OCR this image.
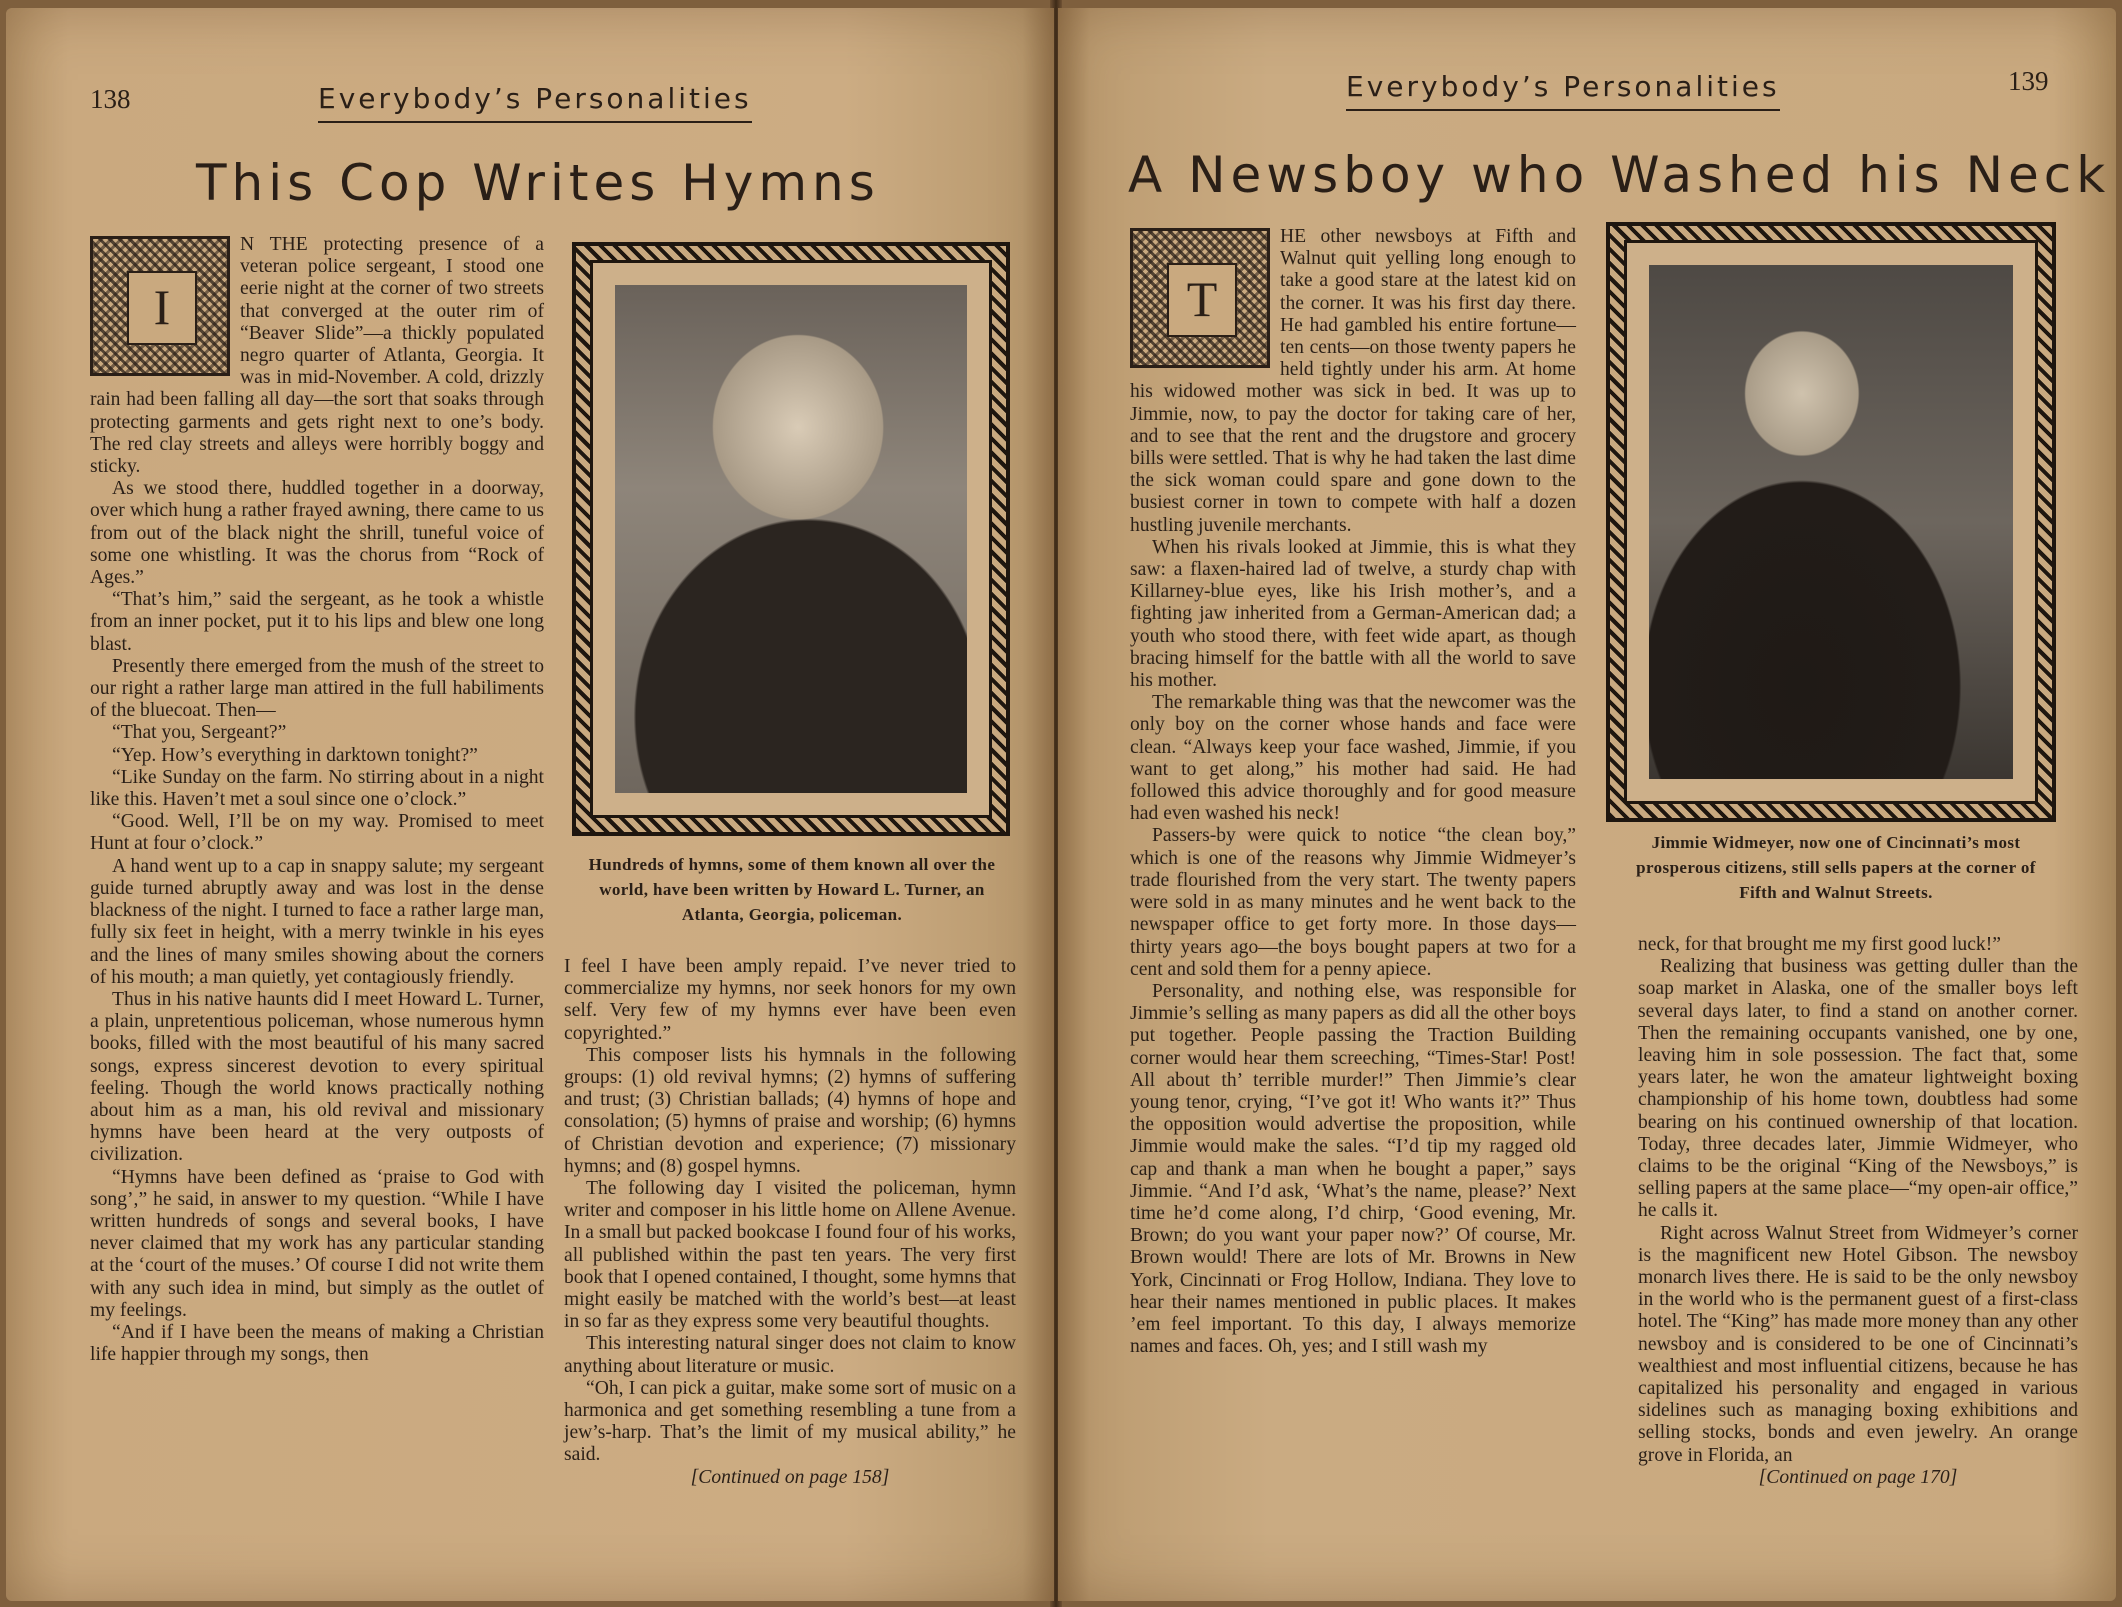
138	Everybody’s Personalities
This Cop Writes Hymns
I

N THE protecting presence of a veteran police sergeant, I stood one eerie night at the corner of two streets that converged at the outer rim of “Beaver Slide”—a thickly populated negro quarter of Atlanta, Georgia. It was in mid-November. A cold, drizzly rain had been falling all day—the sort that soaks through protecting garments and gets right next to one’s body. The red clay streets and alleys were horribly boggy and sticky.

As we stood there, huddled together in a doorway, over which hung a rather frayed awning, there came to us from out of the black night the shrill, tuneful voice of some one whistling. It was the chorus from “Rock of Ages.”

“That’s him,” said the sergeant, as he took a whistle from an inner pocket, put it to his lips and blew one long blast.

Presently there emerged from the mush of the street to our right a rather large man attired in the full habiliments of the bluecoat. Then—

“That you, Sergeant?”

“Yep. How’s everything in darktown tonight?”

“Like Sunday on the farm. No stirring about in a night like this. Haven’t met a soul since one o’clock.”

“Good. Well, I’ll be on my way. Promised to meet Hunt at four o’clock.”

A hand went up to a cap in snappy salute; my sergeant guide turned abruptly away and was lost in the dense blackness of the night. I turned to face a rather large man, fully six feet in height, with a merry twinkle in his eyes and the lines of many smiles showing about the corners of his mouth; a man quietly, yet contagiously friendly.

Thus in his native haunts did I meet Howard L. Turner, a plain, unpretentious policeman, whose numerous hymn books, filled with the most beautiful of his many sacred songs, express sincerest devotion to every spiritual feeling. Though the world knows practically nothing about him as a man, his old revival and missionary hymns have been heard at the very outposts of civilization.

“Hymns have been defined as ‘praise to God with song’,” he said, in answer to my question. “While I have written hundreds of songs and several books, I have never claimed that my work has any particular standing at the ‘court of the muses.’ Of course I did not write them with any such idea in mind, but simply as the outlet of my feelings.

“And if I have been the means of making a Christian life happier through my songs, then

Hundreds of hymns, some of them known all over the world, have been written by Howard L. Turner, an Atlanta, Georgia, policeman.

I feel I have been amply repaid. I’ve never tried to commercialize my hymns, nor seek honors for my own self. Very few of my hymns ever have been even copyrighted.”

This composer lists his hymnals in the following groups: (1) old revival hymns; (2) hymns of suffering and trust; (3) Christian ballads; (4) hymns of hope and consolation; (5) hymns of praise and worship; (6) hymns of Christian devotion and experience; (7) missionary hymns; and (8) gospel hymns.

The following day I visited the policeman, hymn writer and composer in his little home on Allene Avenue. In a small but packed bookcase I found four of his works, all published within the past ten years. The very first book that I opened contained, I thought, some hymns that might easily be matched with the world’s best—at least in so far as they express some very beautiful thoughts.

This interesting natural singer does not claim to know anything about literature or music.

“Oh, I can pick a guitar, make some sort of music on a harmonica and get something resembling a tune from a jew’s-harp. That’s the limit of my musical ability,” he said.

[Continued on page 158]
Everybody’s Personalities	139
A Newsboy who Washed his Neck
T

HE other newsboys at Fifth and Walnut quit yelling long enough to take a good stare at the latest kid on the corner. It was his first day there. He had gambled his entire fortune—ten cents—on those twenty papers he held tightly under his arm. At home his widowed mother was sick in bed. It was up to Jimmie, now, to pay the doctor for taking care of her, and to see that the rent and the drugstore and grocery bills were settled. That is why he had taken the last dime the sick woman could spare and gone down to the busiest corner in town to compete with half a dozen hustling juvenile merchants.

When his rivals looked at Jimmie, this is what they saw: a flaxen-haired lad of twelve, a sturdy chap with Killarney-blue eyes, like his Irish mother’s, and a fighting jaw inherited from a German-American dad; a youth who stood there, with feet wide apart, as though bracing himself for the battle with all the world to save his mother.

The remarkable thing was that the newcomer was the only boy on the corner whose hands and face were clean. “Always keep your face washed, Jimmie, if you want to get along,” his mother had said. He had followed this advice thoroughly and for good measure had even washed his neck!

Passers-by were quick to notice “the clean boy,” which is one of the reasons why Jimmie Widmeyer’s trade flourished from the very start. The twenty papers were sold in as many minutes and he went back to the newspaper office to get forty more. In those days—thirty years ago—the boys bought papers at two for a cent and sold them for a penny apiece.

Personality, and nothing else, was responsible for Jimmie’s selling as many papers as did all the other boys put together. People passing the Traction Building corner would hear them screeching, “Times-Star! Post! All about th’ terrible murder!” Then Jimmie’s clear young tenor, crying, “I’ve got it! Who wants it?” Thus the opposition would advertise the proposition, while Jimmie would make the sales. “I’d tip my ragged old cap and thank a man when he bought a paper,” says Jimmie. “And I’d ask, ‘What’s the name, please?’ Next time he’d come along, I’d chirp, ‘Good evening, Mr. Brown; do you want your paper now?’ Of course, Mr. Brown would! There are lots of Mr. Browns in New York, Cincinnati or Frog Hollow, Indiana. They love to hear their names mentioned in public places. It makes ’em feel important. To this day, I always memorize names and faces. Oh, yes; and I still wash my

Jimmie Widmeyer, now one of Cincinnati’s most prosperous citizens, still sells papers at the corner of Fifth and Walnut Streets.

neck, for that brought me my first good luck!”

Realizing that business was getting duller than the soap market in Alaska, one of the smaller boys left several days later, to find a stand on another corner. Then the remaining occupants vanished, one by one, leaving him in sole possession. The fact that, some years later, he won the amateur lightweight boxing championship of his home town, doubtless had some bearing on his continued ownership of that location. Today, three decades later, Jimmie Widmeyer, who claims to be the original “King of the Newsboys,” is selling papers at the same place—“my open-air office,” he calls it.

Right across Walnut Street from Widmeyer’s corner is the magnificent new Hotel Gibson. The newsboy monarch lives there. He is said to be the only newsboy in the world who is the permanent guest of a first-class hotel. The “King” has made more money than any other newsboy and is considered to be one of Cincinnati’s wealthiest and most influential citizens, because he has capitalized his personality and engaged in various sidelines such as managing boxing exhibitions and selling stocks, bonds and even jewelry. An orange grove in Florida, an

[Continued on page 170]
